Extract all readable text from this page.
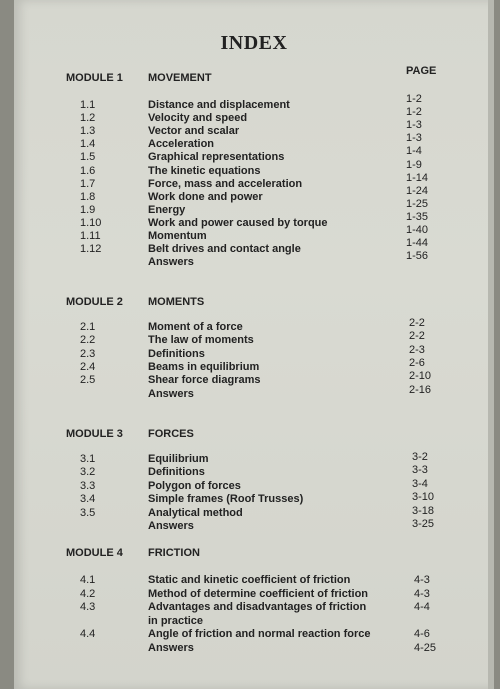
INDEX
PAGE
MODULE 1 MOVEMENT
1.1	Distance and displacement	1-2
1.2	Velocity and speed	1-2
1.3	Vector and scalar	1-3
1.4	Acceleration	1-3
1.5	Graphical representations	1-4
1.6	The kinetic equations	1-9
1.7	Force, mass and acceleration	1-14
1.8	Work done and power	1-24
1.9	Energy	1-25
1.10	Work and power caused by torque	1-35
1.11	Momentum	1-40
1.12	Belt drives and contact angle	1-44
Answers	1-56
MODULE 2 MOMENTS
2.1	Moment of a force	2-2
2.2	The law of moments	2-2
2.3	Definitions	2-3
2.4	Beams in equilibrium	2-6
2.5	Shear force diagrams	2-10
Answers	2-16
MODULE 3 FORCES
3.1	Equilibrium	3-2
3.2	Definitions	3-3
3.3	Polygon of forces	3-4
3.4	Simple frames (Roof Trusses)	3-10
3.5	Analytical method	3-18
Answers	3-25
MODULE 4 FRICTION
4.1	Static and kinetic coefficient of friction	4-3
4.2	Method of determine coefficient of friction	4-3
4.3	Advantages and disadvantages of friction	4-4
in practice
4.4	Angle of friction and normal reaction force	4-6
Answers	4-25
